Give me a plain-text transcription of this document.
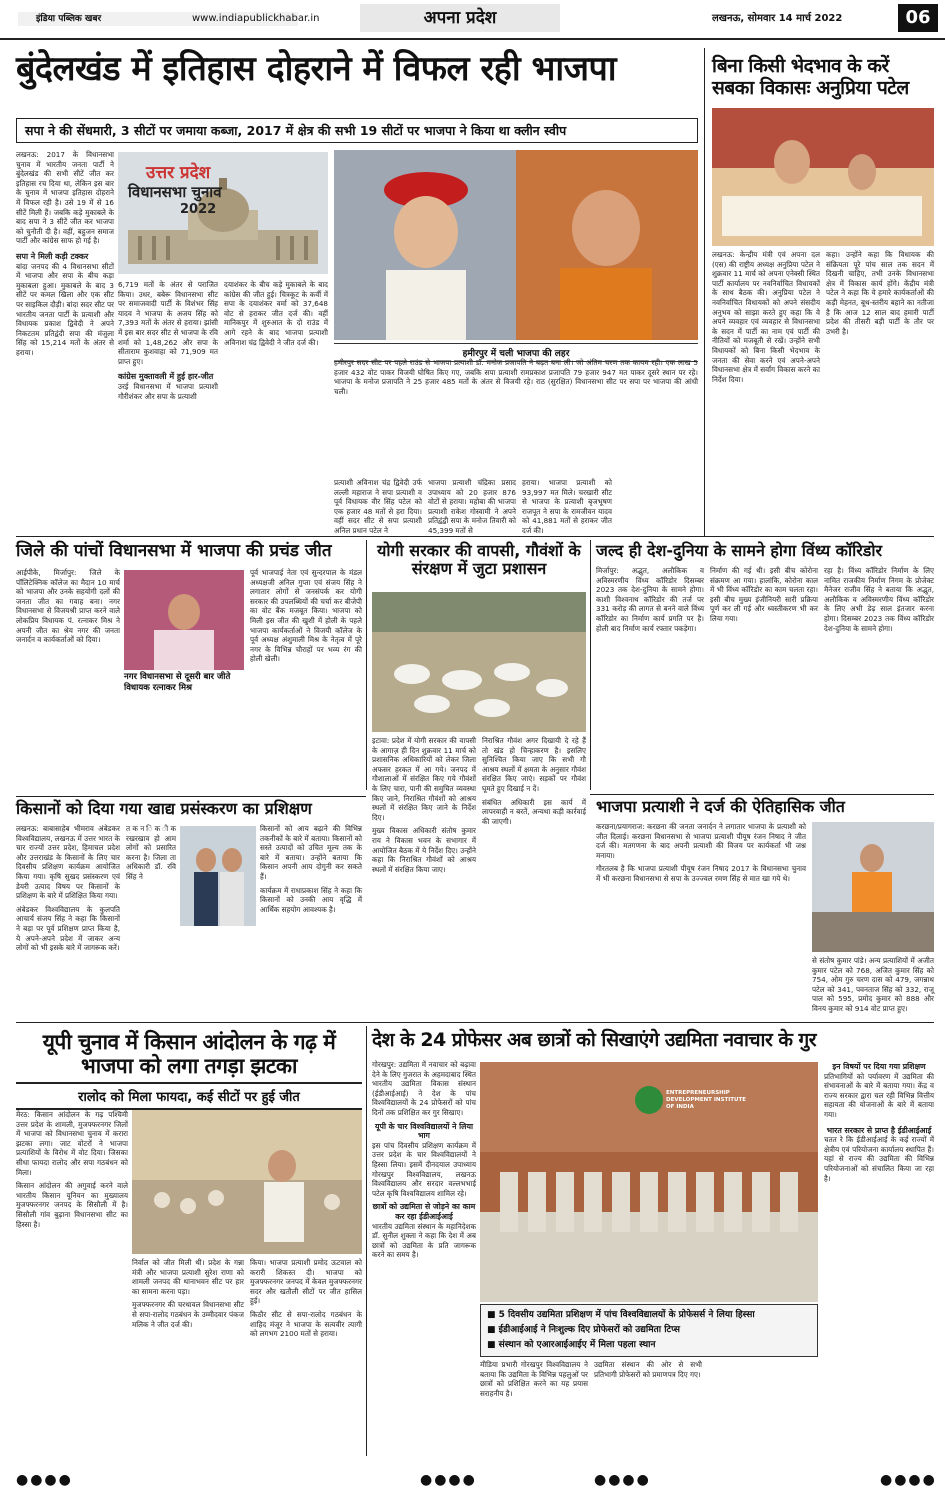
इंडिया पब्लिक खबर	www.indiapublickhabar.in	अपना प्रदेश	लखनऊ, सोमवार 14 मार्च 2022	06
बुंदेलखंड में इतिहास दोहराने में विफल रही भाजपा
सपा ने की सेंधमारी, 3 सीटों पर जमाया कब्जा, 2017 में क्षेत्र की सभी 19 सीटों पर भाजपा ने किया था क्लीन स्वीप

लखनऊ: 2017 के विधानसभा चुनाव में भारतीय जनता पार्टी ने बुंदेलखंड की सभी सीटें जीत कर इतिहास रच दिया था, लेकिन इस बार के चुनाव में भाजपा इतिहास दोहराने में विफल रही है। उसे 19 में से 16 सीटें मिली हैं। जबकि कड़े मुकाबले के बाद सपा ने 3 सीटें जीत कर भाजपा को चुनौती दी है। वहीं, बहुजन समाज पार्टी और कांग्रेस साफ हो गई है।

सपा ने मिली कड़ी टक्कर

बांदा जनपद की 4 विधानसभा सीटों में भाजपा और सपा के बीच कड़ा मुकाबला हुआ। मुकाबले के बाद 3 सीटें पर कमल खिला और एक सीट पर साइकिल दौड़ी। बांदा सदर सीट पर भारतीय जनता पार्टी के प्रत्याशी और विधायक प्रकाश द्विवेदी ने अपने निकटतम प्रतिद्वंदी सपा की मंजुला सिंह को 15,214 मतों के अंतर से हराया।

उत्तर प्रदेश
विधानसभा चुनाव
2022

6,719 मतों के अंतर से पराजित किया। उधर, बबेरू विधानसभा सीट पर समाजवादी पार्टी के विशंभर सिंह यादव ने भाजपा के अजय सिंह को 7,393 मतों के अंतर से हराया। झांसी में इस बार सदर सीट से भाजपा के रवि शर्मा को 1,48,262 और सपा के सीताराम कुशवाहा को 71,909 मत प्राप्त हुए।

कांग्रेस मुक्तावली में हुई हार-जीत

उरई विधानसभा में भाजपा प्रत्याशी गौरीशंकर और सपा के प्रत्याशी

दयाशंकर के बीच कड़े मुकाबले के बाद कांग्रेस की जीत हुई। चित्रकूट के कर्वी में सपा के दयाशंकर वर्मा को 37,648 वोट से हराकर जीत दर्ज की। वहीं मानिकपुर में शुरुआत के दो राउंड में आगे रहने के बाद भाजपा प्रत्याशी अविनाश चंद्र द्विवेदी ने जीत दर्ज की।

हमीरपुर में चली भाजपा की लहर
हमीरपुर सदर सीट पर पहले राउंड से भाजपा प्रत्याशी डॉ. मनोज प्रजापति ने बढ़त बना ली। जो अंतिम चरण तक कायम रही। एक लाख 5 हजार 432 वोट पाकर विजयी घोषित किए गए, जबकि सपा प्रत्याशी रामप्रकाश प्रजापति 79 हजार 947 मत पाकर दूसरे स्थान पर रहे। भाजपा के मनोज प्रजापति ने 25 हजार 485 मतों के अंतर से विजयी रहे। राठ (सुरक्षित) विधानसभा सीट पर सपा पर भाजपा की आंधी चली।
प्रत्याशी अविनाश चंद्र द्विवेदी उर्फ लल्ली महाराज ने सपा प्रत्याशी व पूर्व विधायक वीर सिंह पटेल को एक हजार 48 मतों से हरा दिया। वहीं सदर सीट से सपा प्रत्याशी अनिल प्रधान पटेल ने
भाजपा प्रत्याशी चंद्रिका प्रसाद उपाध्याय को 20 हजार 876 वोटों से हराया। महोबा की भाजपा प्रत्याशी राकेश गोस्वामी ने अपने प्रतिद्वंद्वी सपा के मनोज तिवारी को 45,399 मतों से
हराया। भाजपा प्रत्याशी को 93,997 मत मिले। चरखारी सीट से भाजपा के प्रत्याशी बृजभूषण राजपूत ने सपा के रामजीवन यादव को 41,881 मतों से हराकर जीत दर्ज की।
बिना किसी भेदभाव के करें सबका विकासः अनुप्रिया पटेल
लखनऊ: केन्द्रीय मंत्री एवं अपना दल (एस) की राष्ट्रीय अध्यक्ष अनुप्रिया पटेल ने शुक्रवार 11 मार्च को अपना एनेक्सी स्थित पार्टी कार्यालय पर नवनिर्वाचित विधायकों के साथ बैठक की। अनुप्रिया पटेल ने नवनिर्वाचित विधायकों को अपने संसदीय अनुभव को साझा करते हुए कहा कि वे अपने व्यवहार एवं व्यवहार से विधानसभा के सदन में पार्टी का नाम एवं पार्टी की नीतियों को मजबूती से रखें। उन्होंने सभी विधायकों को बिना किसी भेदभाव के जनता की सेवा करने एवं अपने-अपने विधानसभा क्षेत्र में सर्वांग विकास करने का निर्देश दिया।
कहा। उन्होंने कहा कि विधायक की संक्रियता पूरे पांच साल तक सदन में दिखनी चाहिए, तभी उनके विधानसभा क्षेत्र में विकास कार्य होंगे। केंद्रीय मंत्री पटेल ने कहा कि ये हमारे कार्यकर्ताओं की कड़ी मेहनत, बूथ-स्तरीय बहाने का नतीजा है कि आज 12 साल बाद हमारी पार्टी प्रदेश की तीसरी बड़ी पार्टी के तौर पर उभरी है।
जिले की पांचों विधानसभा में भाजपा की प्रचंड जीत
आईपीके, मिर्जापुर: जिले के पॉलिटेक्निक कॉलेज का मैदान 10 मार्च को भाजपा और उनके सहयोगी दलों की जनता जीत का गवाह बना। नगर विधानसभा से विजयश्री प्राप्त करने वाले लोकप्रिय विधायक पं. रत्नाकर मिश्र ने अपनी जीत का श्रेय नगर की जनता जनार्दन व कार्यकर्ताओं को दिया।
नगर विधानसभा से दूसरी बार जीते विधायक रत्नाकर मिश्र
पूर्व भाजपाई नेता एवं सुन्दरपाल के मंडल अध्यक्षजी अनिल गुप्ता एवं संजय सिंह ने लगातार लोगों से जनसंपर्क कर योगी सरकार की उपलब्धियों की चर्चा कर बीजेपी का वोट बैंक मजबूत किया। भाजपा को मिली इस जीत की खुशी में होली के पहले भाजपा कार्यकर्ताओं ने विजयी कॉलेज के पूर्व अध्यक्ष अंशुमाली मिश्र के नेतृत्व में पूरे नगर के विभिन्न चौराहों पर भव्य रंग की होली खेली।
योगी सरकार की वापसी, गौवंशों के संरक्षण में जुटा प्रशासन

इटावा: प्रदेश में योगी सरकार की वापसी के आगाज़ ही दिन शुक्रवार 11 मार्च को प्रशासनिक अधिकारियों को लेकर जिला अफसर हरकत में आ गये। जनपद में गौशालाओं में संरक्षित किए गये गौवंशों के लिए चारा, पानी की समुचित व्यवस्था किए जाने, निराश्रित गौवंशों को आश्रय स्थलों में संरक्षित किए जाने के निर्देश दिए।

मुख्य विकास अधिकारी संतोष कुमार राय ने विकास भवन के सभागार में आयोजित बैठक में ये निर्देश दिए। उन्होंने कहा कि निराश्रित गौवंशों को आश्रय स्थलों में संरक्षित किया जाए।

निराश्रित गौवंश अगर दिखायी दे रहे हैं तो खंड हो चिन्हाकरण है। इसलिए सुनिश्चित किया जाए कि सभी गौ आश्रय स्थलों में क्षमता के अनुसार गौवंश संरक्षित किए जाएं। सड़कों पर गौवंश घूमते हुए दिखाई न दें।

संबंधित अधिकारी इस कार्य में लापरवाही न बरतें, अन्यथा कड़ी कार्रवाई की जाएगी।

जल्द ही देश-दुनिया के सामने होगा विंध्य कॉरिडोर
मिर्जापुर: अद्भुत, अलौकिक व अविस्मरणीय विंध्य कॉरिडोर दिसम्बर 2023 तक देश-दुनिया के सामने होगा। काशी विश्वनाथ कॉरिडोर की तर्ज पर 331 करोड़ की लागत से बनने वाले विंध्य कॉरिडोर का निर्माण कार्य प्रगति पर है। होली बाद निर्माण कार्य रफ्तार पकड़ेगा।
निर्माण की गई थी। इसी बीच कोरोना संक्रमण आ गया। हालांकि, कोरोना काल में भी विंध्य कॉरिडोर का काम चलता रहा। इसी बीच मुख्य इंजीनियरी सारी प्रक्रिया पूर्ण कर ली गई और ध्वस्तीकरण भी कर लिया गया।
रहा है। विंध्य कॉरिडोर निर्माण के लिए नामित राजकीय निर्माण निगम के प्रोजेक्ट मैनेजर राजीव सिंह ने बताया कि अद्भुत, अलौकिक व अविस्मरणीय विंध्य कॉरिडोर के लिए अभी डेढ़ साल इंतजार करना होगा। दिसम्बर 2023 तक विंध्य कॉरिडोर देश-दुनिया के सामने होगा।
किसानों को दिया गया खाद्य प्रसंस्करण का प्रशिक्षण

लखनऊ: बाबासाहेब भीमराव अंबेडकर विश्वविद्यालय, लखनऊ में उत्तर भारत के चार राज्यों उत्तर प्रदेश, हिमाचल प्रदेश और उत्तराखंड के किसानों के लिए चार दिवसीय प्रशिक्षण कार्यक्रम आयोजित किया गया। कृषि सुखद प्रसंस्करण एवं डेयरी उत्पाद विषय पर किसानों के प्रशिक्षण के बारे में प्रशिक्षित किया गया।

अंबेडकर विश्वविद्यालय के कुलपति आचार्य संजय सिंह ने कहा कि किसानों ने बड़ा पर पूर्व प्रशिक्षण प्राप्त किया है, ये अपने-अपने प्रदेश में जाकर अन्य लोगों को भी इसके बारे में जागरूक करें।

त क न ि क ी क रखरखाव हो आम लोगों को प्रसारित करना है। जिला ता अधिकारी डॉ. रवि सिंह ने

किसानों को आय बढ़ाने की विभिन्न तकनीकों के बारे में बताया। किसानों को सस्ते उत्पादों को उचित मूल्य तक के बारे में बताया। उन्होंने बताया कि किसान अपनी आय दोगुनी कर सकते हैं।

कार्यक्रम में राधाप्रकाश सिंह ने कहा कि किसानों को उनकी आय वृद्धि में आर्थिक सहयोग आवश्यक है।

भाजपा प्रत्याशी ने दर्ज की ऐतिहासिक जीत

करछना/प्रयागराज: करछना की जनता जनार्दन ने लगातार भाजपा के प्रत्याशी को जीत दिलाई। करछना विधानसभा से भाजपा प्रत्याशी पीयूष रंजन निषाद ने जीत दर्ज की। मतगणना के बाद अपनी प्रत्याशी की विजय पर कार्यकर्ता भी जश्न मनाया।

गौरतलब है कि भाजपा प्रत्याशी पीयूष रंजन निषाद 2017 के विधानसभा चुनाव में भी करछना विधानसभा से सपा के उज्ज्वल रमण सिंह से मात खा गये थे।

से संतोष कुमार पांडे। अन्य प्रत्याशियों में अजीत कुमार पटेल को 768, अजित कुमार सिंह को 754, ओम गुरु चरण दास को 479, जगन्नाथ पटेल को 341, पवनताज सिंह को 332, राजू पाल को 595, प्रमोद कुमार को 888 और विनय कुमार को 914 वोट प्राप्त हुए।
यूपी चुनाव में किसान आंदोलन के गढ़ में भाजपा को लगा तगड़ा झटका
रालोद को मिला फायदा, कई सीटों पर हुई जीत

मेरठ: किसान आंदोलन के गढ़ पश्चिमी उत्तर प्रदेश के शामली, मुजफ्फरनगर जिलों में भाजपा को विधानसभा चुनाव में करारा झटका लगा। जाट वोटरों ने भाजपा प्रत्याशियों के विरोध में वोट दिया। जिसका सीधा फायदा रालोद और सपा गठबंधन को मिला।

किसान आंदोलन की अगुवाई करने वाले भारतीय किसान यूनियन का मुख्यालय मुजफ्फरनगर जनपद के सिसौली में है। सिसौली गांव बुढ़ाना विधानसभा सीट का हिस्सा है।

निर्वाल को जीत मिली थी। प्रदेश के गन्ना मंत्री और भाजपा प्रत्याशी सुरेश राणा को शामली जनपद की थानाभवन सीट पर हार का सामना करना पड़ा।

मुजफ्फरनगर की चरथावल विधानसभा सीट से सपा-रालोद गठबंधन के उम्मीदवार पंकज मलिक ने जीत दर्ज की।

किया। भाजपा प्रत्याशी प्रमोद ऊटवाल को करारी शिकस्त दी। भाजपा को मुजफ्फरनगर जनपद में केवल मुजफ्फरनगर सदर और खतौली सीटों पर जीत हासिल हुई।

किठौर सीट से सपा-रालोद गठबंधन के शाहिद मंजूर ने भाजपा के सत्यवीर त्यागी को लगभग 2100 मतों से हराया।

देश के 24 प्रोफेसर अब छात्रों को सिखाएंगे उद्यमिता नवाचार के गुर

गोरखपुर: उद्यमिता में नवाचार को बढ़ावा देने के लिए गुजरात के अहमदाबाद स्थित भारतीय उद्यमिता विकास संस्थान (ईडीआईआई) ने देश के पांच विश्वविद्यालयों के 24 प्रोफेसरों को पांच दिनों तक प्रशिक्षित कर गुर सिखाए।

यूपी के चार विश्वविद्यालयों ने लिया भाग

इस पांच दिवसीय प्रशिक्षण कार्यक्रम में उत्तर प्रदेश के चार विश्वविद्यालयों ने हिस्सा लिया। इसमें दीनदयाल उपाध्याय गोरखपुर विश्वविद्यालय, लखनऊ विश्वविद्यालय और सरदार वल्लभभाई पटेल कृषि विश्वविद्यालय शामिल रहे।

छात्रों को उद्यमिता से जोड़ने का काम कर रहा ईडीआईआई

भारतीय उद्यमिता संस्थान के महानिदेशक डॉ. सुनील शुक्ला ने कहा कि देश में अब छात्रों को उद्यमिता के प्रति जागरूक करने का समय है।

ENTREPRENEURSHIP DEVELOPMENT INSTITUTE OF INDIA
■ 5 दिवसीय उद्यमिता प्रशिक्षण में पांच विश्वविद्यालयों के प्रोफेसर्स ने लिया हिस्सा
■ ईडीआईआई ने निःशुल्क दिए प्रोफेसरों को उद्यमिता टिप्स
■ संस्थान को एआरआईआईए में मिला पहला स्थान
मीडिया प्रभारी गोरखपुर विश्वविद्यालय ने बताया कि उद्यमिता के विभिन्न पहलुओं पर छात्रों को प्रशिक्षित करने का यह प्रयास सराहनीय है।
उद्यमिता संस्थान की ओर से सभी प्रतिभागी प्रोफेसरों को प्रमाणपत्र दिए गए।

इन विषयों पर दिया गया प्रशिक्षण

प्रतिभागियों को पर्यावरण में उद्यमिता की संभावनाओं के बारे में बताया गया। केंद्र व राज्य सरकार द्वारा चल रही विभिन्न वित्तीय सहायता की योजनाओं के बारे में बताया गया।

भारत सरकार से प्राप्त है ईडीआईआई

चतत रे कि ईडीआईआई के कई राज्यों में क्षेत्रीय एवं परियोजना कार्यालय स्थापित हैं। यहां से राज्य की उद्यमिता की विभिन्न परियोजनाओं को संचालित किया जा रहा है।

●●●●	●●●●	●●●●	●●●●
